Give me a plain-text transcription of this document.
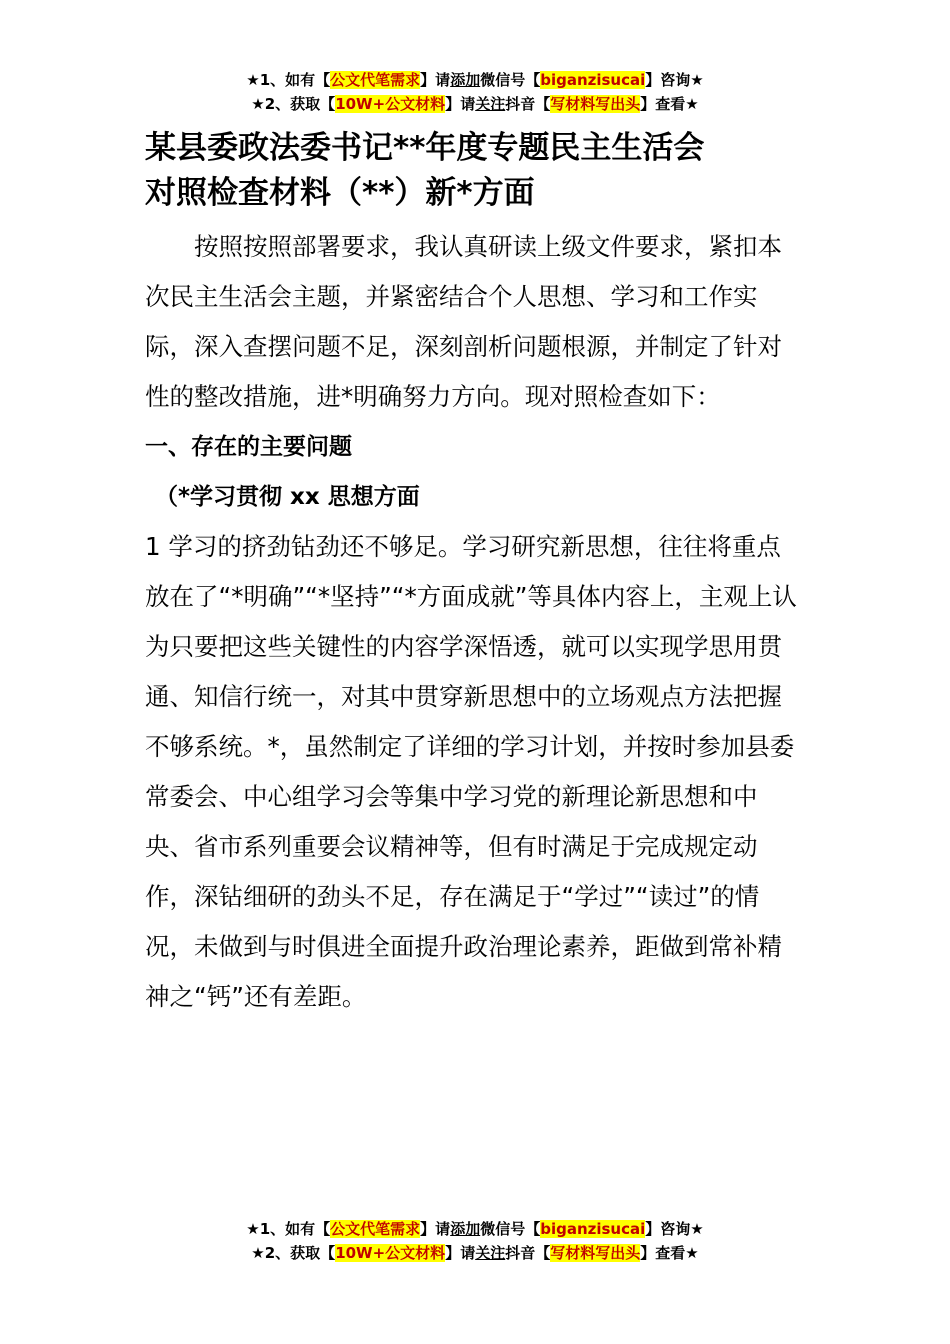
★1、如有【公文代笔需求】请添加微信号【biganzisucai】咨询★
★2、获取【10W+公文材料】请关注抖音【写材料写出头】查看★
某县委政法委书记**年度专题民主生活会
对照检查材料（**）新*方面

按照按照部署要求，我认真研读上级文件要求，紧扣本次民主生活会主题，并紧密结合个人思想、学习和工作实际，深入查摆问题不足，深刻剖析问题根源，并制定了针对性的整改措施，进*明确努力方向。现对照检查如下：

一、存在的主要问题

（*学习贯彻 xx 思想方面

1 学习的挤劲钻劲还不够足。学习研究新思想，往往将重点放在了“*明确”“*坚持”“*方面成就”等具体内容上，主观上认为只要把这些关键性的内容学深悟透，就可以实现学思用贯通、知信行统一，对其中贯穿新思想中的立场观点方法把握不够系统。*，虽然制定了详细的学习计划，并按时参加县委常委会、中心组学习会等集中学习党的新理论新思想和中央、省市系列重要会议精神等，但有时满足于完成规定动作，深钻细研的劲头不足，存在满足于“学过”“读过”的情况，未做到与时俱进全面提升政治理论素养，距做到常补精神之“钙”还有差距。

★1、如有【公文代笔需求】请添加微信号【biganzisucai】咨询★
★2、获取【10W+公文材料】请关注抖音【写材料写出头】查看★
